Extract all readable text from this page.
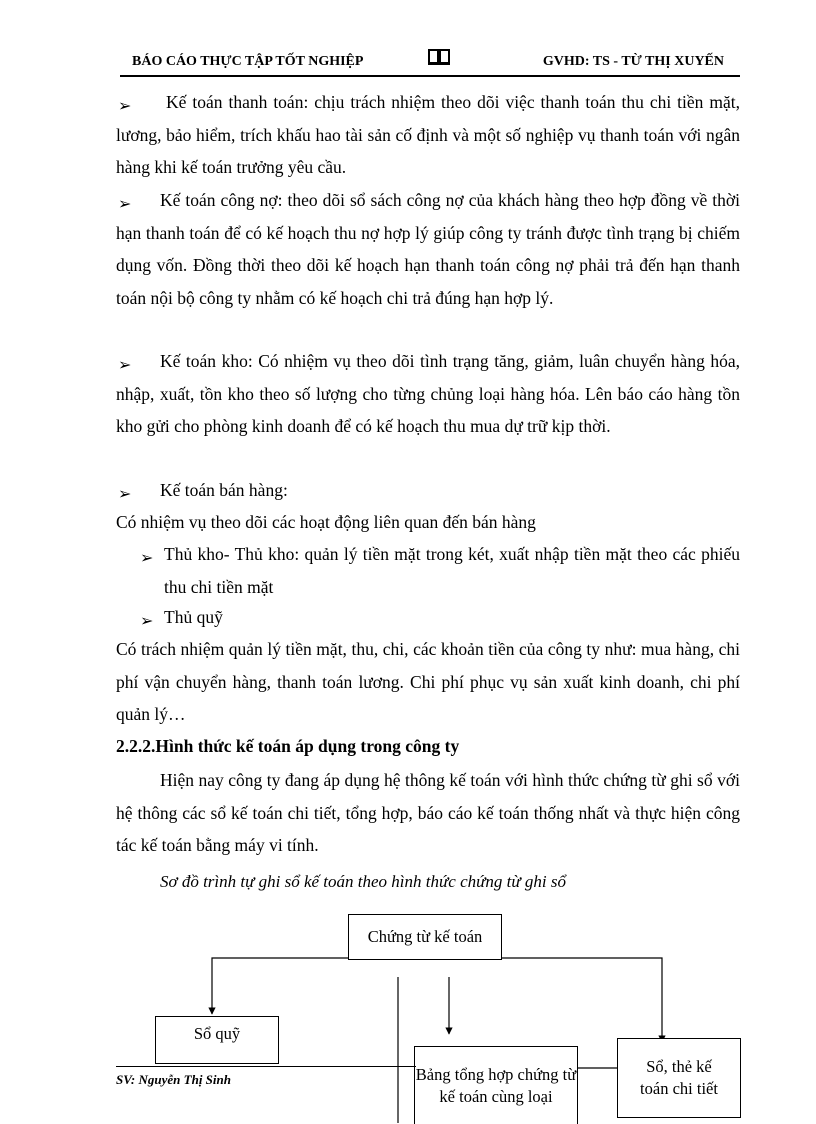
BÁO CÁO THỰC TẬP TỐT NGHIỆP	GVHD: TS - TỪ THỊ XUYẾN
➢	Kế toán thanh toán: chịu trách nhiệm theo dõi việc thanh toán thu chi tiền mặt, lương, bảo hiểm, trích khấu hao tài sản cố định và một số nghiệp vụ thanh toán với ngân hàng khi kế toán trưởng yêu cầu.
➢	Kế toán công nợ: theo dõi sổ sách công nợ của khách hàng theo hợp đồng về thời hạn thanh toán để có kế hoạch thu nợ hợp lý giúp công ty tránh được tình trạng bị chiếm dụng vốn. Đồng thời theo dõi kế hoạch hạn thanh toán công nợ phải trả đến hạn thanh toán nội bộ công ty nhằm có kế hoạch chi trả đúng hạn hợp lý.
➢	Kế toán kho: Có nhiệm vụ theo dõi tình trạng tăng, giảm, luân chuyển hàng hóa, nhập, xuất, tồn kho theo số lượng cho từng chủng loại hàng hóa. Lên báo cáo hàng tồn kho gửi cho phòng kinh doanh để có kế hoạch thu mua dự trữ kịp thời.
➢	Kế toán bán hàng:
Có nhiệm vụ theo dõi các hoạt động liên quan đến bán hàng
➢ Thủ kho- Thủ kho: quản lý tiền mặt trong két, xuất nhập tiền mặt theo các phiếu thu chi tiền mặt
➢ Thủ quỹ
Có trách nhiệm quản lý tiền mặt, thu, chi, các khoản tiền của công ty như: mua hàng, chi phí vận chuyển hàng, thanh toán lương. Chi phí phục vụ sản xuất kinh doanh, chi phí quản lý…
2.2.2.Hình thức kế toán áp dụng trong công ty
Hiện nay công ty đang áp dụng hệ thông kế toán với hình thức chứng từ ghi sổ với hệ thông các sổ kế toán chi tiết, tổng hợp, báo cáo kế toán thống nhất và thực hiện công tác kế toán bằng máy vi tính.
Sơ đồ trình tự ghi sổ kế toán theo hình thức chứng từ ghi sổ
Chứng từ kế toán
Sổ quỹ
Bảng tổng hợp chứng từ kế toán cùng loại
Sổ, thẻ kế toán chi tiết
SV: Nguyễn Thị Sinh
